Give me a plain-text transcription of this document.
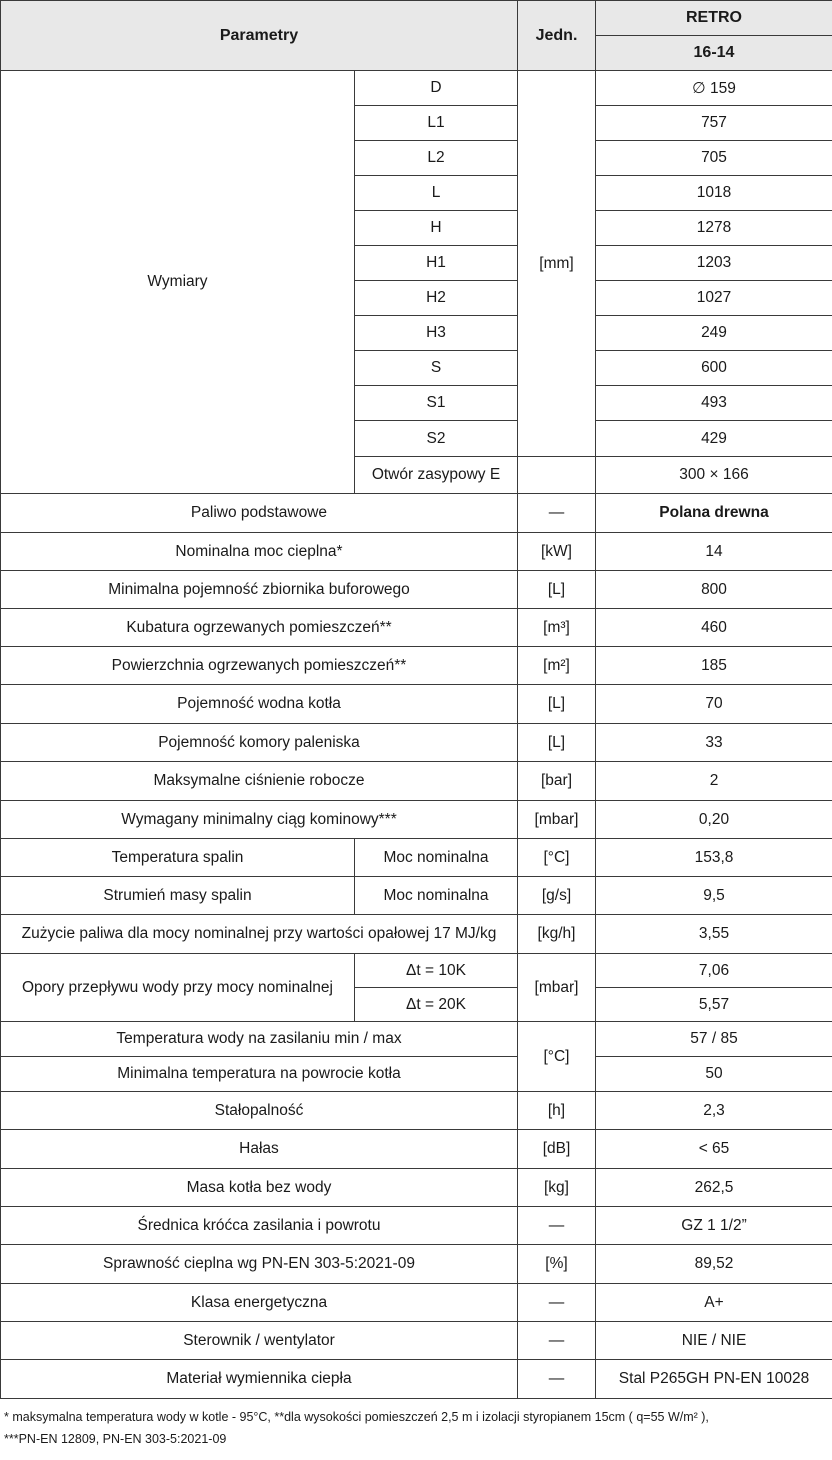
Parametry		Jedn.	RETRO
			16-14
Wymiary	D	[mm]	∅ 159
	L1		757
	L2		705
	L		1018
	H		1278
	H1		1203
	H2		1027
	H3		249
	S		600
	S1		493
	S2		429
	Otwór zasypowy E		300 × 166
Paliwo podstawowe		—	Polana drewna
Nominalna moc cieplna*		[kW]	14
Minimalna pojemność zbiornika buforowego		[L]	800
Kubatura ogrzewanych pomieszczeń**		[m³]	460
Powierzchnia ogrzewanych pomieszczeń**		[m²]	185
Pojemność wodna kotła		[L]	70
Pojemność komory paleniska		[L]	33
Maksymalne ciśnienie robocze		[bar]	2
Wymagany minimalny ciąg kominowy***		[mbar]	0,20
Temperatura spalin	Moc nominalna	[°C]	153,8
Strumień masy spalin	Moc nominalna	[g/s]	9,5
Zużycie paliwa dla mocy nominalnej przy wartości opałowej 17 MJ/kg		[kg/h]	3,55
Opory przepływu wody przy mocy nominalnej	Δt = 10K	[mbar]	7,06
	Δt = 20K		5,57
Temperatura wody na zasilaniu min / max		[°C]	57 / 85
Minimalna temperatura na powrocie kotła			50
Stałopalność		[h]	2,3
Hałas		[dB]	< 65
Masa kotła bez wody		[kg]	262,5
Średnica króćca zasilania i powrotu		—	GZ 1 1/2”
Sprawność cieplna wg PN-EN 303-5:2021-09		[%]	89,52
Klasa energetyczna		—	A+
Sterownik / wentylator		—	NIE / NIE
Materiał wymiennika ciepła		—	Stal P265GH PN-EN 10028
* maksymalna temperatura wody w kotle - 95°C, **dla wysokości pomieszczeń 2,5 m i izolacji styropianem 15cm ( q=55 W/m² ),
***PN-EN 12809, PN-EN 303-5:2021-09
